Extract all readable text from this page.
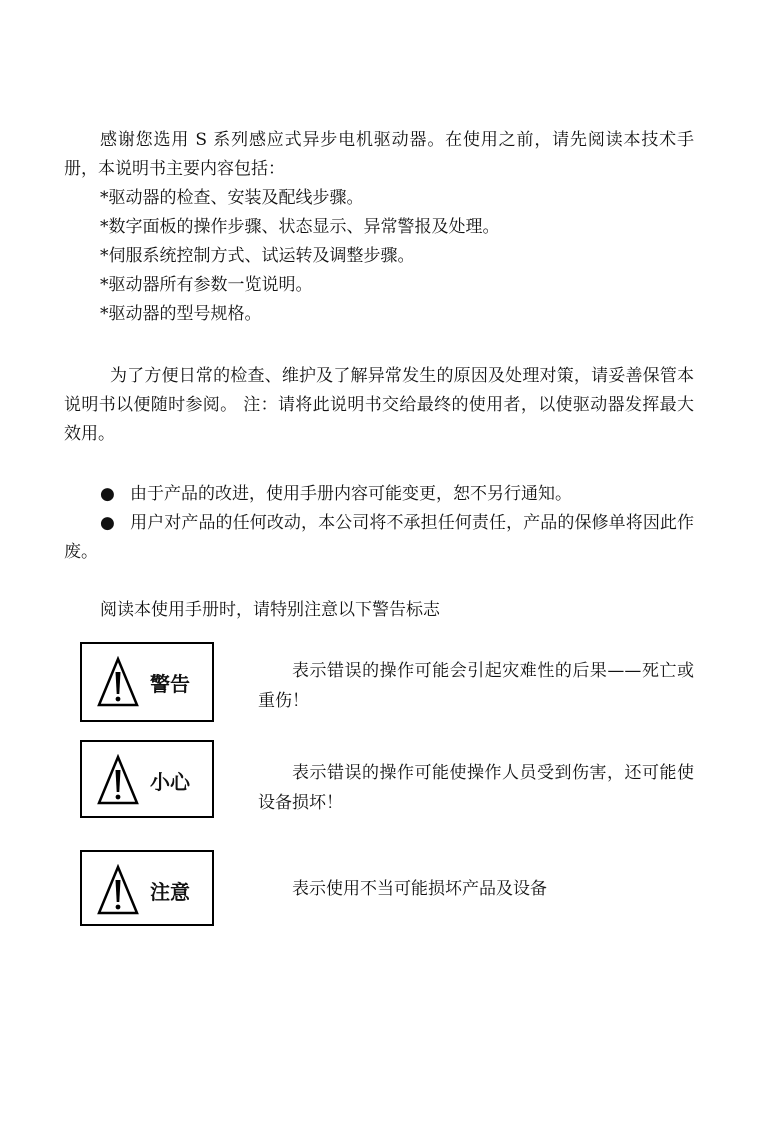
感谢您选用 S 系列感应式异步电机驱动器。在使用之前，请先阅读本技术手册，本说明书主要内容包括：

*驱动器的检查、安装及配线步骤。
*数字面板的操作步骤、状态显示、异常警报及处理。
*伺服系统控制方式、试运转及调整步骤。
*驱动器所有参数一览说明。
*驱动器的型号规格。

为了方便日常的检查、维护及了解异常发生的原因及处理对策，请妥善保管本说明书以便随时参阅。 注：请将此说明书交给最终的使用者，以使驱动器发挥最大效用。

● 由于产品的改进，使用手册内容可能变更，恕不另行通知。
● 用户对产品的任何改动，本公司将不承担任何责任，产品的保修单将因此作废。

阅读本使用手册时，请特别注意以下警告标志

警告

表示错误的操作可能会引起灾难性的后果——死亡或重伤！

小心	表示错误的操作可能使操作人员受到伤害，还可能使设备损坏！

注意	表示使用不当可能损坏产品及设备
